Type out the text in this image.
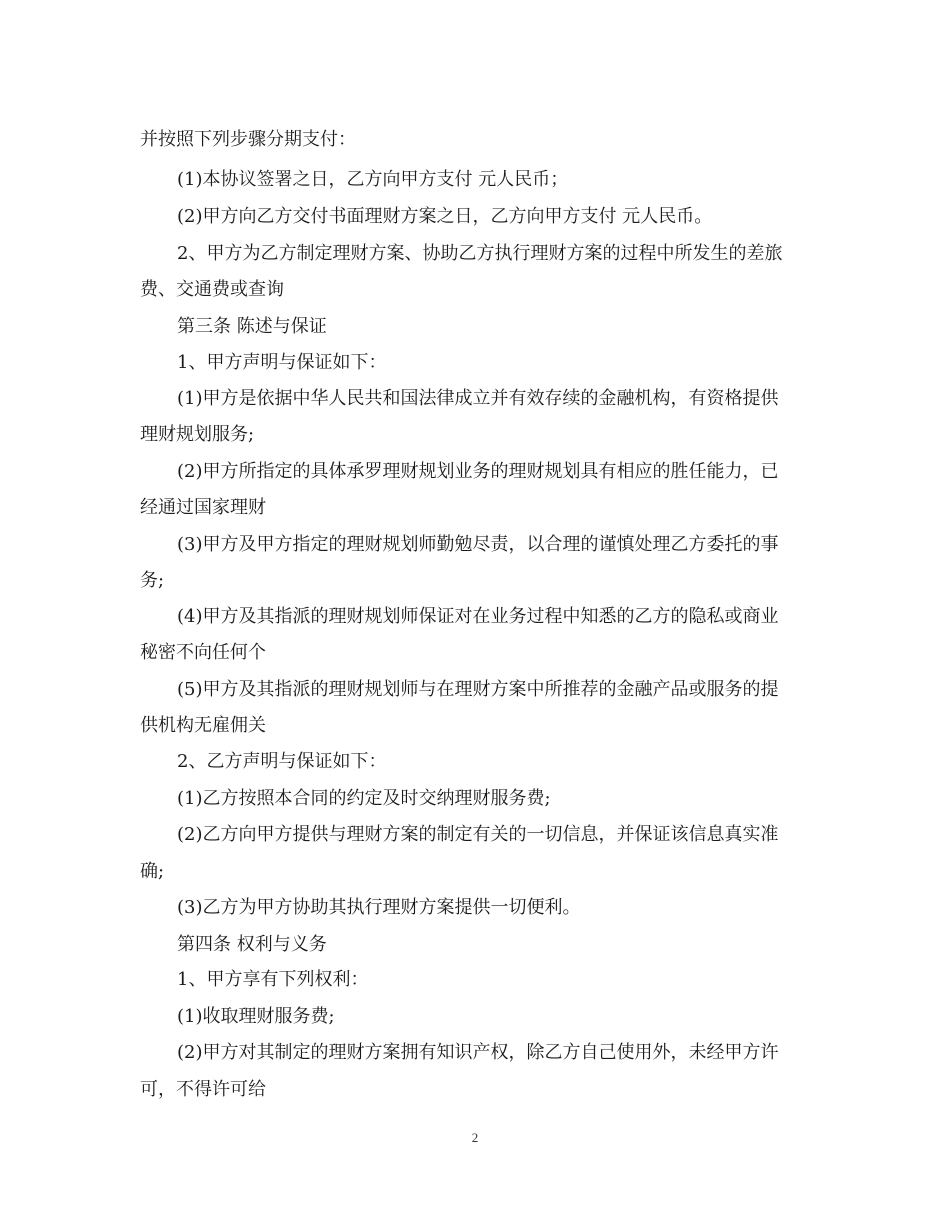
并按照下列步骤分期支付：
(1)本协议签署之日，乙方向甲方支付 元人民币；
(2)甲方向乙方交付书面理财方案之日，乙方向甲方支付 元人民币。
2、甲方为乙方制定理财方案、协助乙方执行理财方案的过程中所发生的差旅
费、交通费或查询
第三条 陈述与保证
1、甲方声明与保证如下：
(1)甲方是依据中华人民共和国法律成立并有效存续的金融机构，有资格提供
理财规划服务;
(2)甲方所指定的具体承罗理财规划业务的理财规划具有相应的胜任能力，已
经通过国家理财
(3)甲方及甲方指定的理财规划师勤勉尽责，以合理的谨慎处理乙方委托的事
务;
(4)甲方及其指派的理财规划师保证对在业务过程中知悉的乙方的隐私或商业
秘密不向任何个
(5)甲方及其指派的理财规划师与在理财方案中所推荐的金融产品或服务的提
供机构无雇佣关
2、乙方声明与保证如下：
(1)乙方按照本合同的约定及时交纳理财服务费;
(2)乙方向甲方提供与理财方案的制定有关的一切信息，并保证该信息真实准
确;
(3)乙方为甲方协助其执行理财方案提供一切便利。
第四条 权利与义务
1、甲方享有下列权利：
(1)收取理财服务费;
(2)甲方对其制定的理财方案拥有知识产权，除乙方自己使用外，未经甲方许
可，不得许可给
2
